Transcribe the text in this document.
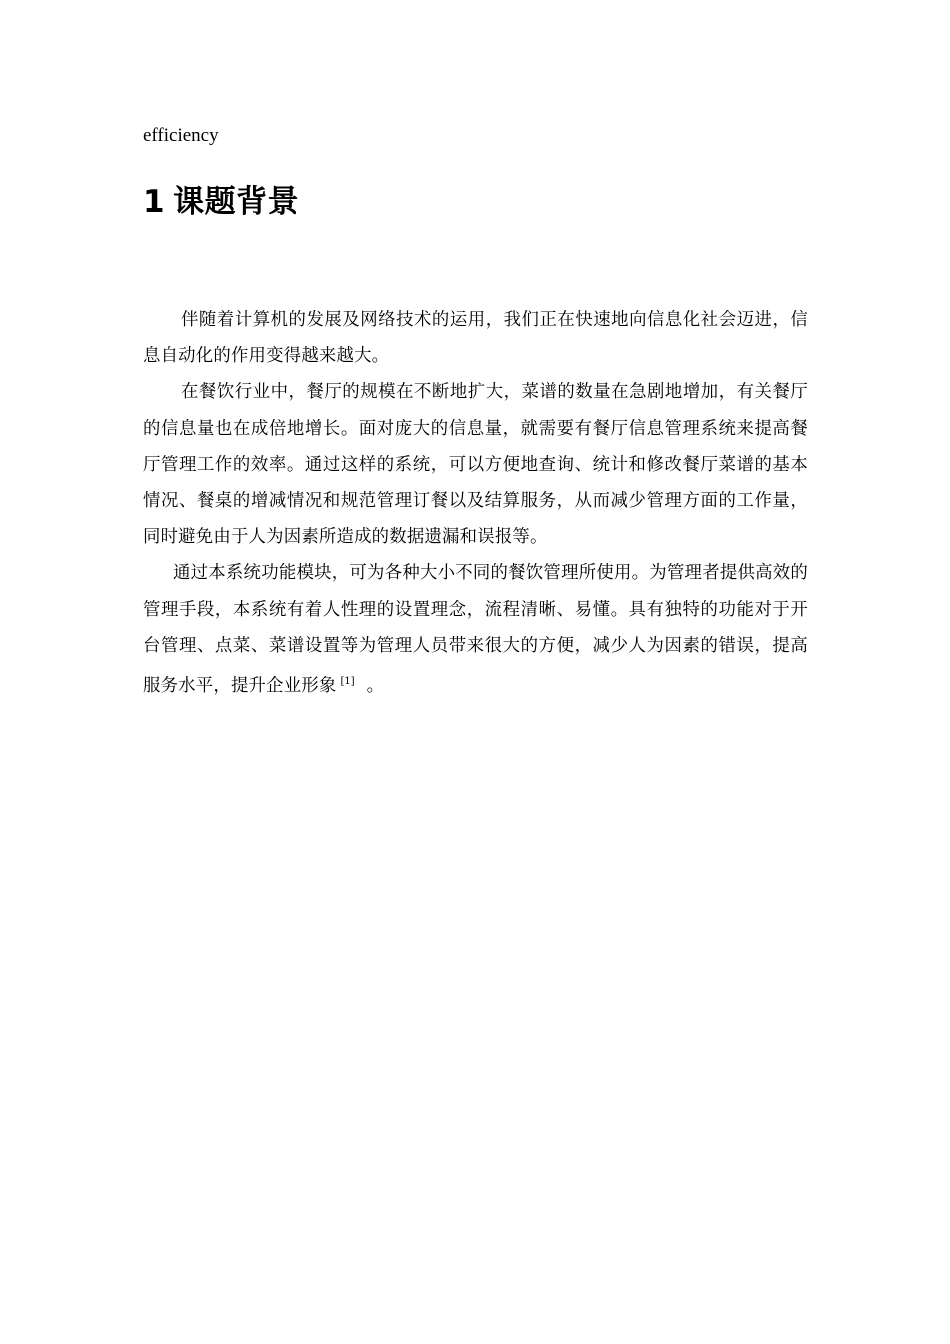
efficiency

1 课题背景

伴随着计算机的发展及网络技术的运用，我们正在快速地向信息化社会迈进，信息自动化的作用变得越来越大。

在餐饮行业中，餐厅的规模在不断地扩大，菜谱的数量在急剧地增加，有关餐厅的信息量也在成倍地增长。面对庞大的信息量，就需要有餐厅信息管理系统来提高餐厅管理工作的效率。通过这样的系统，可以方便地查询、统计和修改餐厅菜谱的基本情况、餐桌的增减情况和规范管理订餐以及结算服务，从而减少管理方面的工作量，同时避免由于人为因素所造成的数据遗漏和误报等。

通过本系统功能模块，可为各种大小不同的餐饮管理所使用。为管理者提供高效的管理手段，本系统有着人性理的设置理念，流程清晰、易懂。具有独特的功能对于开台管理、点菜、菜谱设置等为管理人员带来很大的方便，减少人为因素的错误，提高服务水平，提升企业形象 [1] 。
